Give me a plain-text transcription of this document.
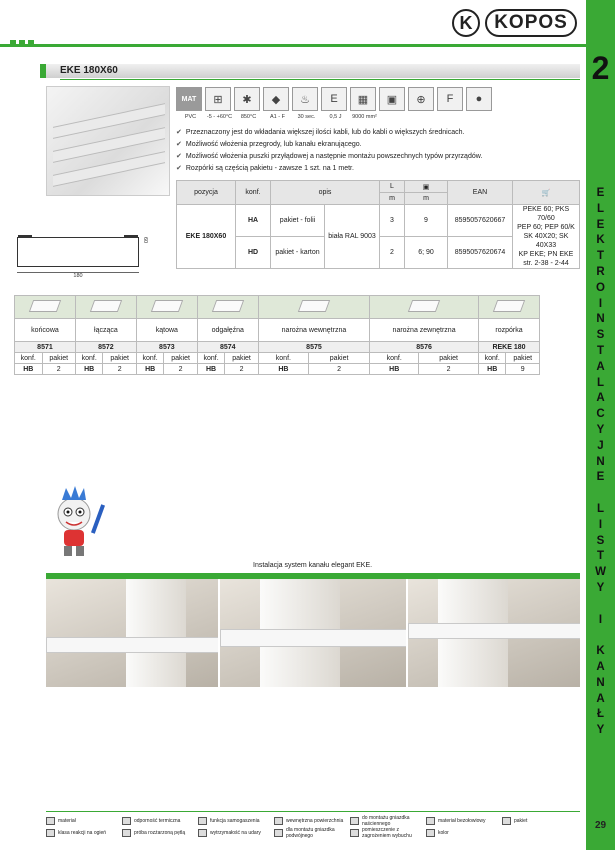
K	KOPOS
2
E
L
E
K
T
R
O
I
N
S
T
A
L
A
C
Y
J
N
E
L
I
S
T
W
Y
I
K
A
N
A
Ł
Y
29
EKE 180X60
MAT	⊞	✱	◆	♨	E	▦	▣	⊕	F	●
PVC -5 - +60°C 850°C	A1 - F 30 sec.	0,5 J 9000 mm²
✔ Przeznaczony jest do wkładania większej ilości kabli, lub do kabli o większych średnicach.
✔ Możliwość włożenia przegrody, lub kanału ekranującego.
✔ Możliwość włożenia puszki przyłądowej a następnie montażu powszechnych typów przyrządów.
✔ Rozpórki są częścią pakietu - zawsze 1 szt. na 1 metr.
pozycja	konf.	opis		L	▣	EAN	🛒
				m	m		
EKE 180X60	HA	pakiet - folii	biała RAL 9003	3	9	8595057620667	PEKE 60; PKS 70/60
PEP 60; PEP 60/K
SK 40X20; SK 40X33
KP EKE; PN EKE
str. 2-38 - 2-44

	HD	pakiet - karton		2	6; 90	8595057620674	
180
60

końcowa		łącząca		kątowa		odgałęźna		narożna wewnętrzna		narożna zewnętrzna		rozpórka	
8571		8572		8573		8574		8575		8576		REKE 180	
konf.	pakiet	konf.	pakiet	konf.	pakiet	konf.	pakiet	konf.	pakiet	konf.	pakiet	konf.	pakiet
HB	2	HB	2	HB	2	HB	2	HB	2	HB	2	HB	9
Instalacja system kanału elegant EKE.
materiał	odporność termiczna	funkcja samogaszenia	wewnętrzna powierzchnia	do montażu gniazdka naściennego	materiał bezołowiowy	pakiet
klasa reakcji na ogień	próba rozżarzoną pętlą	wytrzymałość na udary	dla montażu gniazdka podwójnego
pomieszczenie z zagrożeniem wybuchu	kolor
